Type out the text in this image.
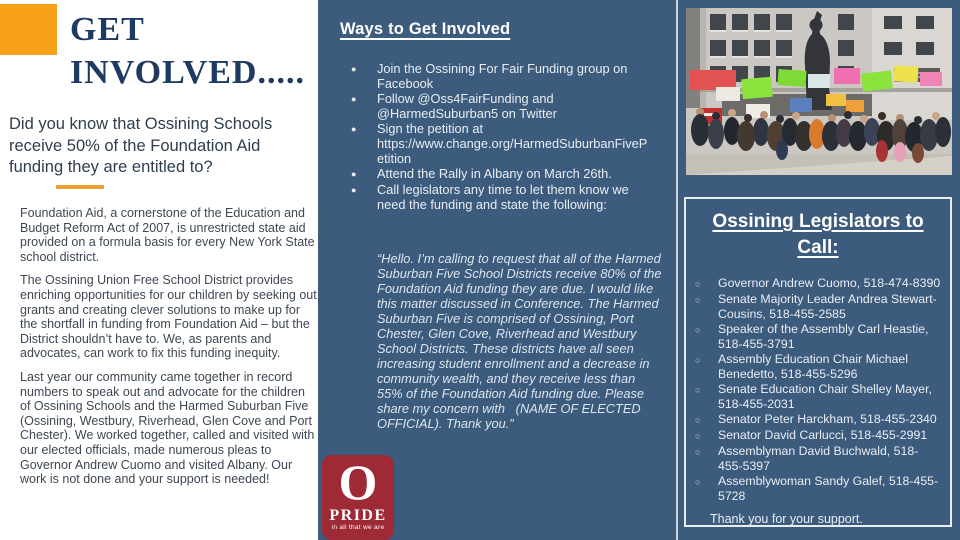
GET
INVOLVED.....

Did you know that Ossining Schools receive 50% of the Foundation Aid funding they are entitled to?

Foundation Aid, a cornerstone of the Education and Budget Reform Act of 2007, is unrestricted state aid provided on a formula basis for every New York State school district.

The Ossining Union Free School District provides enriching opportunities for our children by seeking out grants and creating clever solutions to make up for the shortfall in funding from Foundation Aid – but the District shouldn’t have to. We, as parents and advocates, can work to fix this funding inequity.

Last year our community came together in record numbers to speak out and advocate for the children of Ossining Schools and the Harmed Suburban Five (Ossining, Westbury, Riverhead, Glen Cove and Port Chester). We worked together, called and visited with our elected officials, made numerous pleas to Governor Andrew Cuomo and visited Albany. Our work is not done and your support is needed!

Ways to Get Involved
●	Join the Ossining For Fair Funding group on Facebook
●	Follow @Oss4FairFunding and @HarmedSuburban5 on Twitter
●	Sign the petition at https://www.change.org/HarmedSuburbanFivePetition
●	Attend the Rally in Albany on March 26th.
●	Call legislators any time to let them know we need the funding and state the following:

“Hello. I’m calling to request that all of the Harmed Suburban Five School Districts receive 80% of the Foundation Aid funding they are due. I would like this matter discussed in Conference. The Harmed Suburban Five is comprised of Ossining, Port Chester, Glen Cove, Riverhead and Westbury School Districts. These districts have all seen increasing student enrollment and a decrease in community wealth, and they receive less than 55% of the Foundation Aid funding due. Please share my concern with   (NAME OF ELECTED OFFICIAL). Thank you.”

O
PRIDE
in all that we are
Ossining Legislators to Call:
○	Governor Andrew Cuomo, 518-474-8390
○	Senate Majority Leader Andrea Stewart-Cousins, 518-455-2585
○	Speaker of the Assembly Carl Heastie, 518-455-3791
○	Assembly Education Chair Michael Benedetto, 518-455-5296
○	Senate Education Chair Shelley Mayer, 518-455-2031
○	Senator Peter Harckham, 518-455-2340
○	Senator David Carlucci, 518-455-2991
○	Assemblyman David Buchwald, 518-455-5397
○	Assemblywoman Sandy Galef, 518-455-5728

Thank you for your support.
